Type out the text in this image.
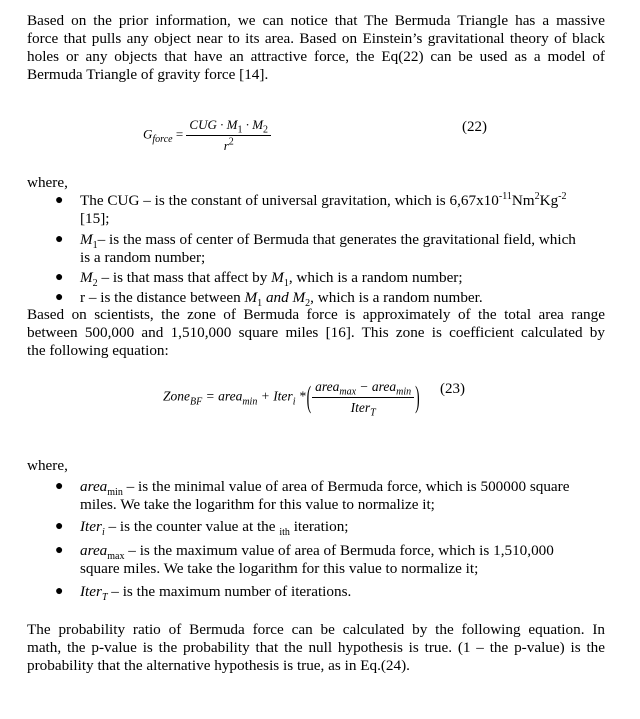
Based on the prior information, we can notice that The Bermuda Triangle has a massive
force that pulls any object near to its area. Based on Einstein’s gravitational theory of black
holes or any objects that have an attractive force, the Eq(22) can be used as a model of
Bermuda Triangle of gravity force [14].
$G_{force} = \frac{CUG \cdot M_1 \cdot M_2}{r^2}$	(22)
where,
● The CUG – is the constant of universal gravitation, which is $6,67x10^{-11}Nm^2Kg^{-2}$
[15];
● $M_1-$ is the mass of center of Bermuda that generates the gravitational field, which
is a random number;
● $M_2$ – is that mass that affect by $M_1$, which is a random number;
● r – is the distance between $M_1$ and $M_2$, which is a random number.
Based on scientists, the zone of Bermuda force is approximately of the total area range
between 500,000 and 1,510,000 square miles [16]. This zone is coefficient calculated by
the following equation:
Zone$_{BF}$ = area$_{min}$ + Iter$_i$ *( $\frac{area_{max} - area_{min}}{Iter_T}$ ) (23)
where,
● area$_{min}$ – is the minimal value of area of Bermuda force, which is 500000 square
miles. We take the logarithm for this value to normalize it;
● Iter$_i$ – is the counter value at the $_{ith}$ iteration;
● area$_{max}$ – is the maximum value of area of Bermuda force, which is 1,510,000
square miles. We take the logarithm for this value to normalize it;
● Iter$_T$ – is the maximum number of iterations.
The probability ratio of Bermuda force can be calculated by the following equation. In
math, the p-value is the probability that the null hypothesis is true. (1 – the p-value) is the
probability that the alternative hypothesis is true, as in Eq.(24).
